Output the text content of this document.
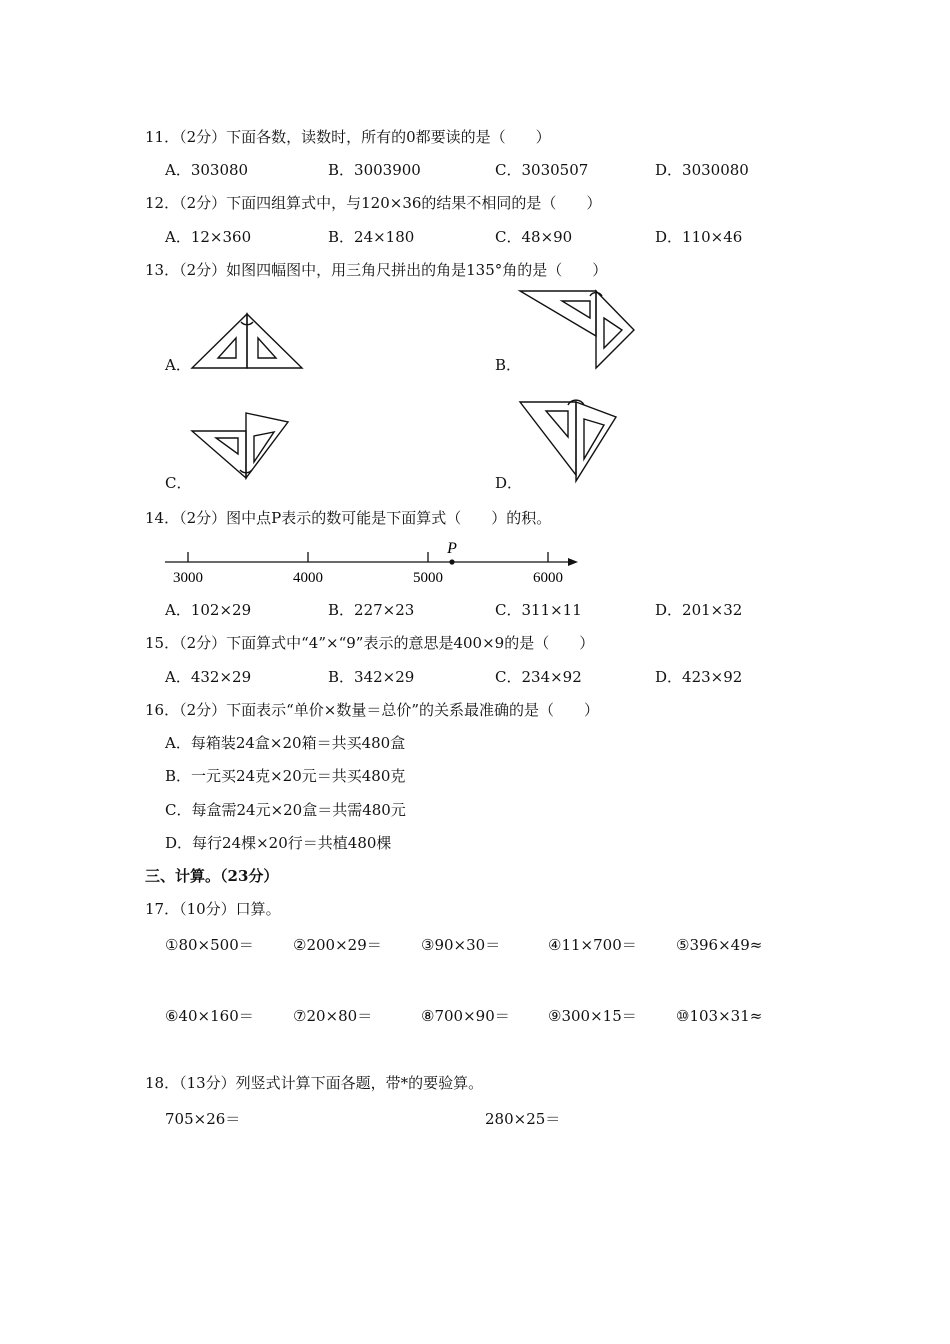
11．（2分）下面各数，读数时，所有的0都要读的是（　　）
A．303080	B．3003900	C．3030507	D．3030080
12．（2分）下面四组算式中，与120×36的结果不相同的是（　　）
A．12×360	B．24×180	C．48×90	D．110×46
13．（2分）如图四幅图中，用三角尺拼出的角是135°角的是（　　）
A．	B．
C．	D．
14．（2分）图中点P表示的数可能是下面算式（　　）的积。
3000	4000	5000	6000
P
A．102×29	B．227×23	C．311×11	D．201×32
15．（2分）下面算式中“4”×“9”表示的意思是400×9的是（　　）
A．432×29	B．342×29	C．234×92	D．423×92
16．（2分）下面表示“单价×数量＝总价”的关系最准确的是（　　）
A．每箱装24盒×20箱＝共买480盒
B．一元买24克×20元＝共买480克
C．每盒需24元×20盒＝共需480元
D．每行24棵×20行＝共植480棵
三、计算。（23分）
17．（10分）口算。
①80×500＝	②200×29＝	③90×30＝	④11×700＝	⑤396×49≈
⑥40×160＝	⑦20×80＝	⑧700×90＝	⑨300×15＝	⑩103×31≈
18．（13分）列竖式计算下面各题，带*的要验算。
705×26＝	280×25＝
